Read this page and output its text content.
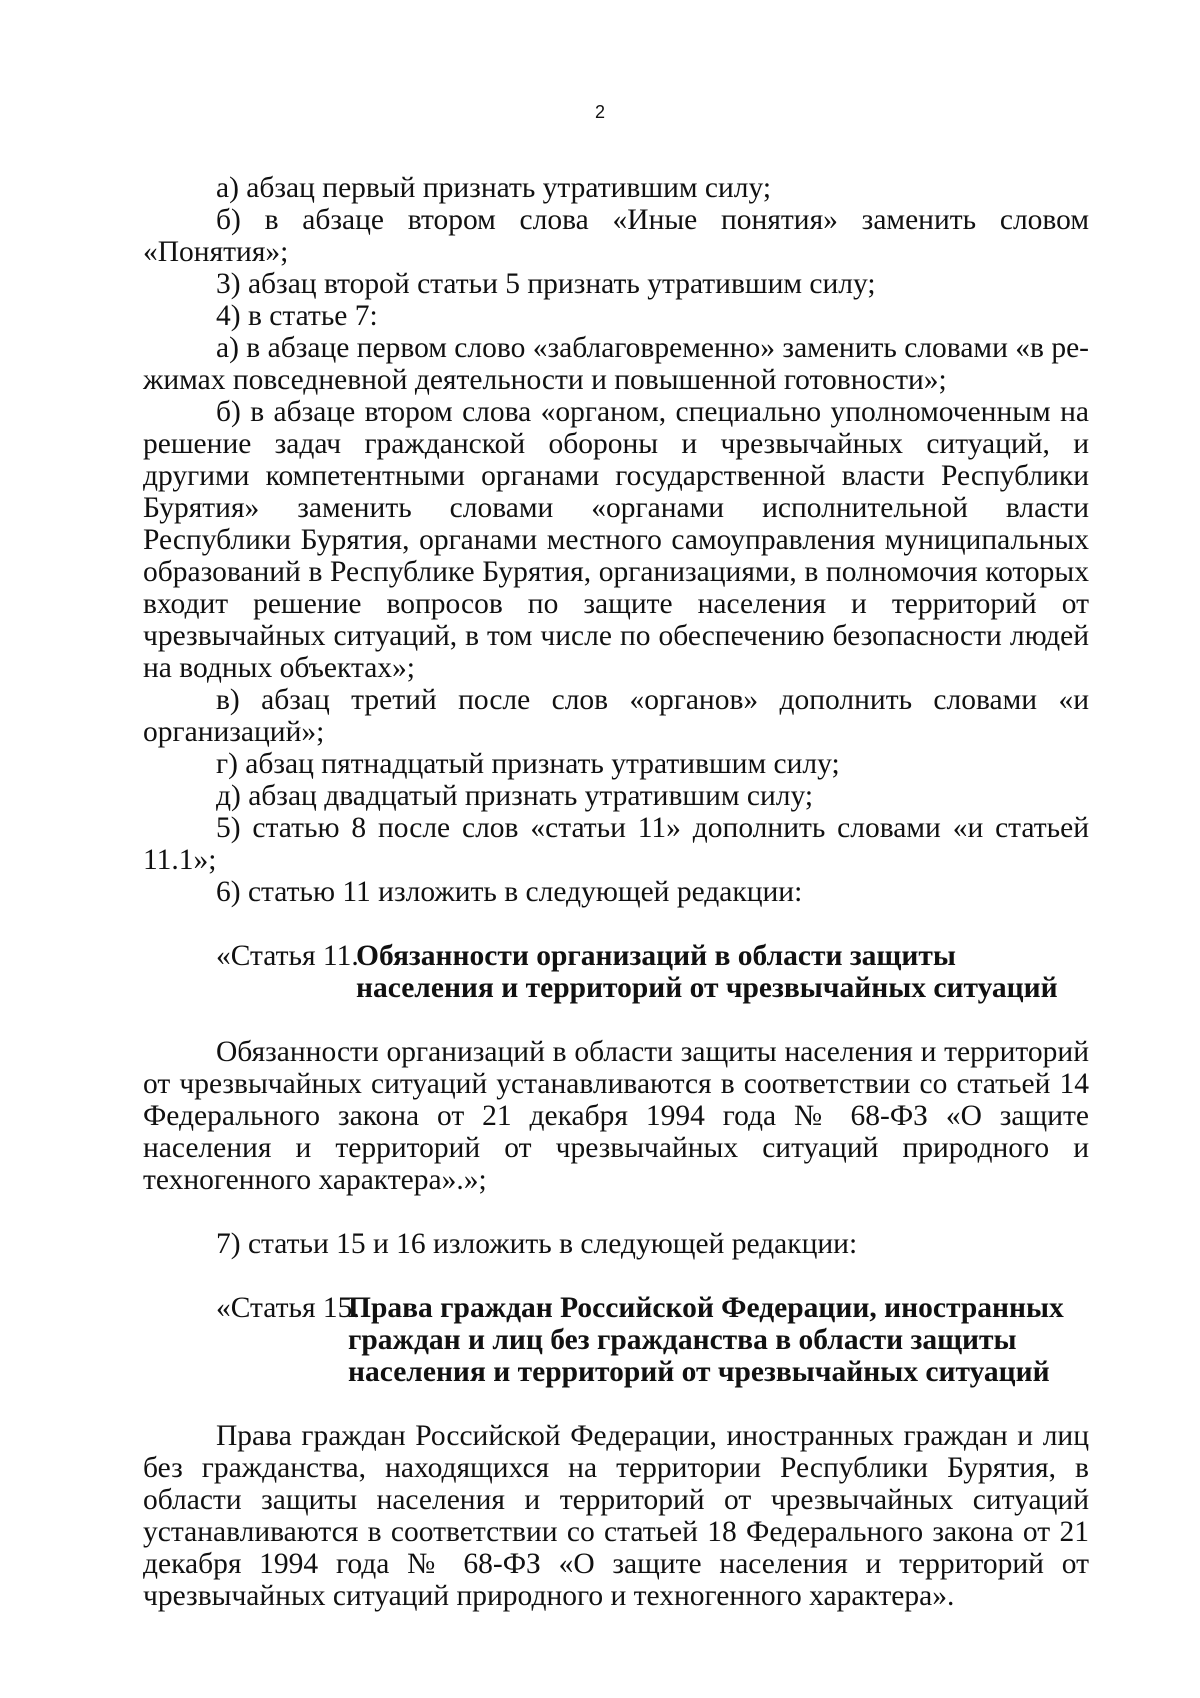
2

а) абзац первый признать утратившим силу;

б) в абзаце втором слова «Иные понятия» заменить словом «Понятия»;

3) абзац второй статьи 5 признать утратившим силу;

4) в статье 7:

а) в абзаце первом слово «заблаговременно» заменить словами «в режимах повседневной деятельности и повышенной готовности»;

б) в абзаце втором слова «органом, специально уполномоченным на решение задач гражданской обороны и чрезвычайных ситуаций, и другими компетентными органами государственной власти Республики Бурятия» заменить словами «органами исполнительной власти Республики Бурятия, органами местного самоуправления муниципальных образований в Республике Бурятия, организациями, в полномочия которых входит решение вопросов по защите населения и территорий от чрезвычайных ситуаций, в том числе по обеспечению безопасности людей на водных объектах»;

в) абзац третий после слов «органов» дополнить словами «и организаций»;

г) абзац пятнадцатый признать утратившим силу;

д) абзац двадцатый признать утратившим силу;

5) статью 8 после слов «статьи 11» дополнить словами «и статьей 11.1»;

6) статью 11 изложить в следующей редакции:

«Статья 11.
Обязанности организаций в области защиты
населения и территорий от чрезвычайных ситуаций

Обязанности организаций в области защиты населения и территорий от чрезвычайных ситуаций устанавливаются в соответствии со статьей 14 Федерального закона от 21 декабря 1994 года № 68-ФЗ «О защите населения и территорий от чрезвычайных ситуаций природного и техногенного характера».»;

7) статьи 15 и 16 изложить в следующей редакции:

«Статья 15.
Права граждан Российской Федерации, иностранных
граждан и лиц без гражданства в области защиты
населения и территорий от чрезвычайных ситуаций

Права граждан Российской Федерации, иностранных граждан и лиц без гражданства, находящихся на территории Республики Бурятия, в области защиты населения и территорий от чрезвычайных ситуаций устанавливаются в соответствии со статьей 18 Федерального закона от 21 декабря 1994 года № 68-ФЗ «О защите населения и территорий от чрезвычайных ситуаций природного и техногенного характера».
